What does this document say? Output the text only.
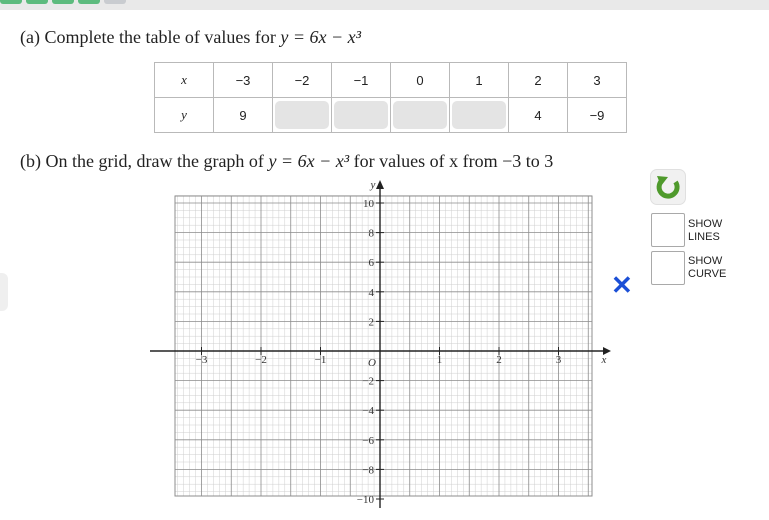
(a) Complete the table of values for y = 6x − x³
x	−3	−2	−1	0	1	2	3
y	9					4	−9
(b) On the grid, draw the graph of y = 6x − x³ for values of x from −3 to 3
−3	−2	−1	1	2	3
−10
−8
−6
−4
−2
2
4
6
8
10
O	x
y
SHOW
LINES
SHOW
CURVE
✕
